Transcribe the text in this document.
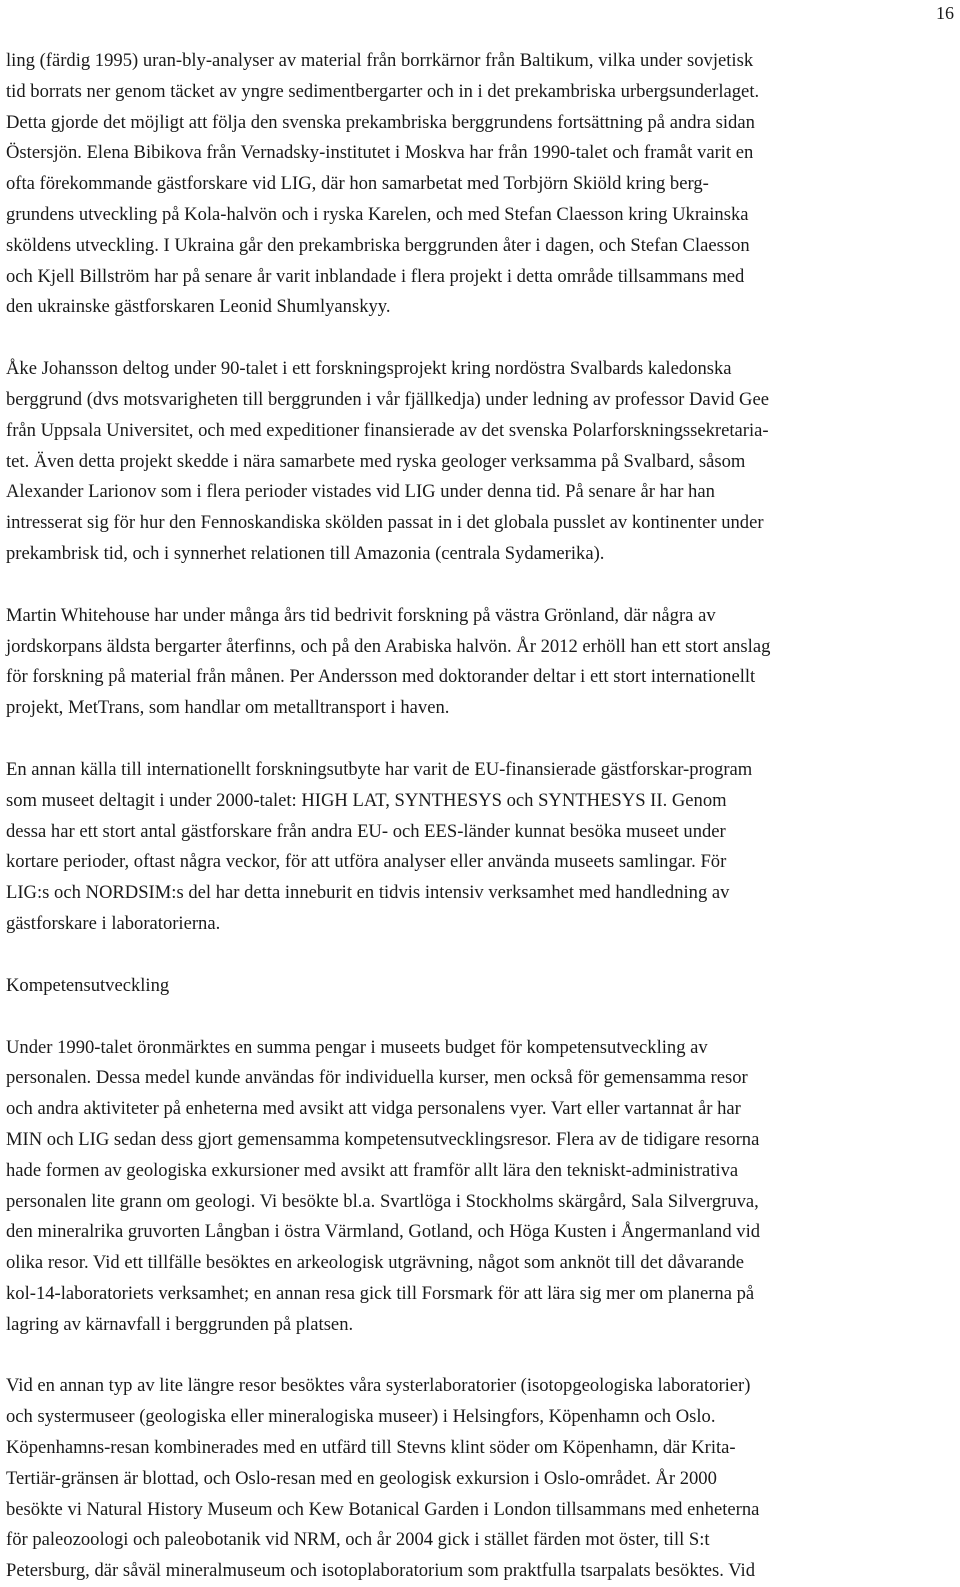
16
ling (färdig 1995) uran-bly-analyser av material från borrkärnor från Baltikum, vilka under sovjetisk
tid borrats ner genom täcket av yngre sedimentbergarter och in i det prekambriska urbergsunderlaget.
Detta gjorde det möjligt att följa den svenska prekambriska berggrundens fortsättning på andra sidan
Östersjön. Elena Bibikova från Vernadsky-institutet i Moskva har från 1990-talet och framåt varit en
ofta förekommande gästforskare vid LIG, där hon samarbetat med Torbjörn Skiöld kring berg-
grundens utveckling på Kola-halvön och i ryska Karelen, och med Stefan Claesson kring Ukrainska
sköldens utveckling. I Ukraina går den prekambriska berggrunden åter i dagen, och Stefan Claesson
och Kjell Billström har på senare år varit inblandade i flera projekt i detta område tillsammans med
den ukrainske gästforskaren Leonid Shumlyanskyy.
Åke Johansson deltog under 90-talet i ett forskningsprojekt kring nordöstra Svalbards kaledonska
berggrund (dvs motsvarigheten till berggrunden i vår fjällkedja) under ledning av professor David Gee
från Uppsala Universitet, och med expeditioner finansierade av det svenska Polarforskningssekretaria-
tet. Även detta projekt skedde i nära samarbete med ryska geologer verksamma på Svalbard, såsom
Alexander Larionov som i flera perioder vistades vid LIG under denna tid. På senare år har han
intresserat sig för hur den Fennoskandiska skölden passat in i det globala pusslet av kontinenter under
prekambrisk tid, och i synnerhet relationen till Amazonia (centrala Sydamerika).
Martin Whitehouse har under många års tid bedrivit forskning på västra Grönland, där några av
jordskorpans äldsta bergarter återfinns, och på den Arabiska halvön. År 2012 erhöll han ett stort anslag
för forskning på material från månen. Per Andersson med doktorander deltar i ett stort internationellt
projekt, MetTrans, som handlar om metalltransport i haven.
En annan källa till internationellt forskningsutbyte har varit de EU-finansierade gästforskar-program
som museet deltagit i under 2000-talet: HIGH LAT, SYNTHESYS och SYNTHESYS II. Genom
dessa har ett stort antal gästforskare från andra EU- och EES-länder kunnat besöka museet under
kortare perioder, oftast några veckor, för att utföra analyser eller använda museets samlingar. För
LIG:s och NORDSIM:s del har detta inneburit en tidvis intensiv verksamhet med handledning av
gästforskare i laboratorierna.
Kompetensutveckling
Under 1990-talet öronmärktes en summa pengar i museets budget för kompetensutveckling av
personalen. Dessa medel kunde användas för individuella kurser, men också för gemensamma resor
och andra aktiviteter på enheterna med avsikt att vidga personalens vyer. Vart eller vartannat år har
MIN och LIG sedan dess gjort gemensamma kompetensutvecklingsresor. Flera av de tidigare resorna
hade formen av geologiska exkursioner med avsikt att framför allt lära den tekniskt-administrativa
personalen lite grann om geologi. Vi besökte bl.a. Svartlöga i Stockholms skärgård, Sala Silvergruva,
den mineralrika gruvorten Långban i östra Värmland, Gotland, och Höga Kusten i Ångermanland vid
olika resor. Vid ett tillfälle besöktes en arkeologisk utgrävning, något som anknöt till det dåvarande
kol-14-laboratoriets verksamhet; en annan resa gick till Forsmark för att lära sig mer om planerna på
lagring av kärnavfall i berggrunden på platsen.
Vid en annan typ av lite längre resor besöktes våra systerlaboratorier (isotopgeologiska laboratorier)
och systermuseer (geologiska eller mineralogiska museer) i Helsingfors, Köpenhamn och Oslo.
Köpenhamns-resan kombinerades med en utfärd till Stevns klint söder om Köpenhamn, där Krita-
Tertiär-gränsen är blottad, och Oslo-resan med en geologisk exkursion i Oslo-området. År 2000
besökte vi Natural History Museum och Kew Botanical Garden i London tillsammans med enheterna
för paleozoologi och paleobotanik vid NRM, och år 2004 gick i stället färden mot öster, till S:t
Petersburg, där såväl mineralmuseum och isotoplaboratorium som praktfulla tsarpalats besöktes. Vid
